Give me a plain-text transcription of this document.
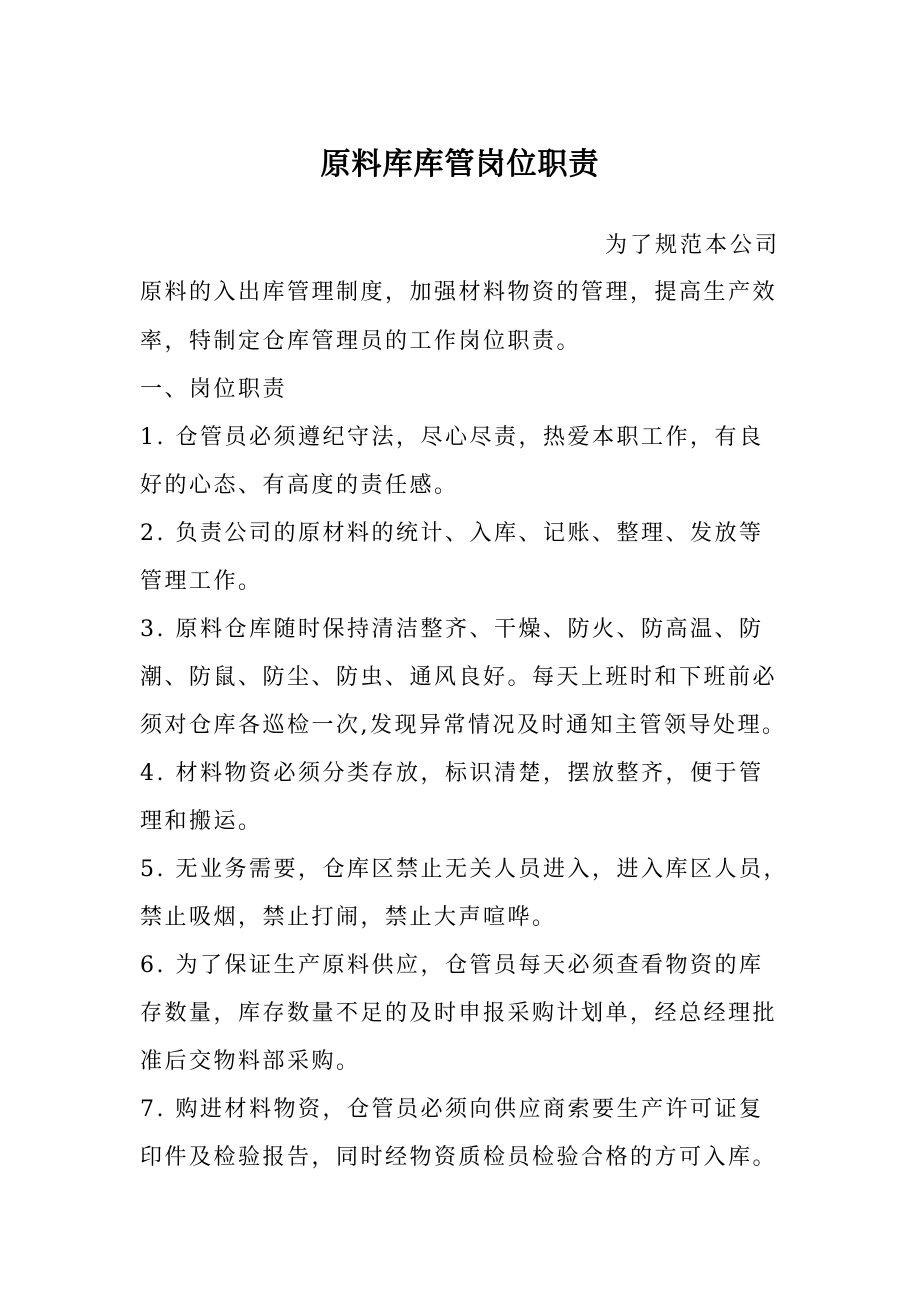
原料库库管岗位职责
为了规范本公司
原料的入出库管理制度，加强材料物资的管理，提高生产效
率，特制定仓库管理员的工作岗位职责。
一、岗位职责
1. 仓管员必须遵纪守法，尽心尽责，热爱本职工作，有良
好的心态、有高度的责任感。
2. 负责公司的原材料的统计、入库、记账、整理、发放等
管理工作。
3. 原料仓库随时保持清洁整齐、干燥、防火、防高温、防
潮、防鼠、防尘、防虫、通风良好。每天上班时和下班前必
须对仓库各巡检一次,发现异常情况及时通知主管领导处理。
4. 材料物资必须分类存放，标识清楚，摆放整齐，便于管
理和搬运。
5. 无业务需要，仓库区禁止无关人员进入，进入库区人员，
禁止吸烟，禁止打闹，禁止大声喧哗。
6. 为了保证生产原料供应，仓管员每天必须查看物资的库
存数量，库存数量不足的及时申报采购计划单，经总经理批
准后交物料部采购。
7. 购进材料物资，仓管员必须向供应商索要生产许可证复
印件及检验报告，同时经物资质检员检验合格的方可入库。
